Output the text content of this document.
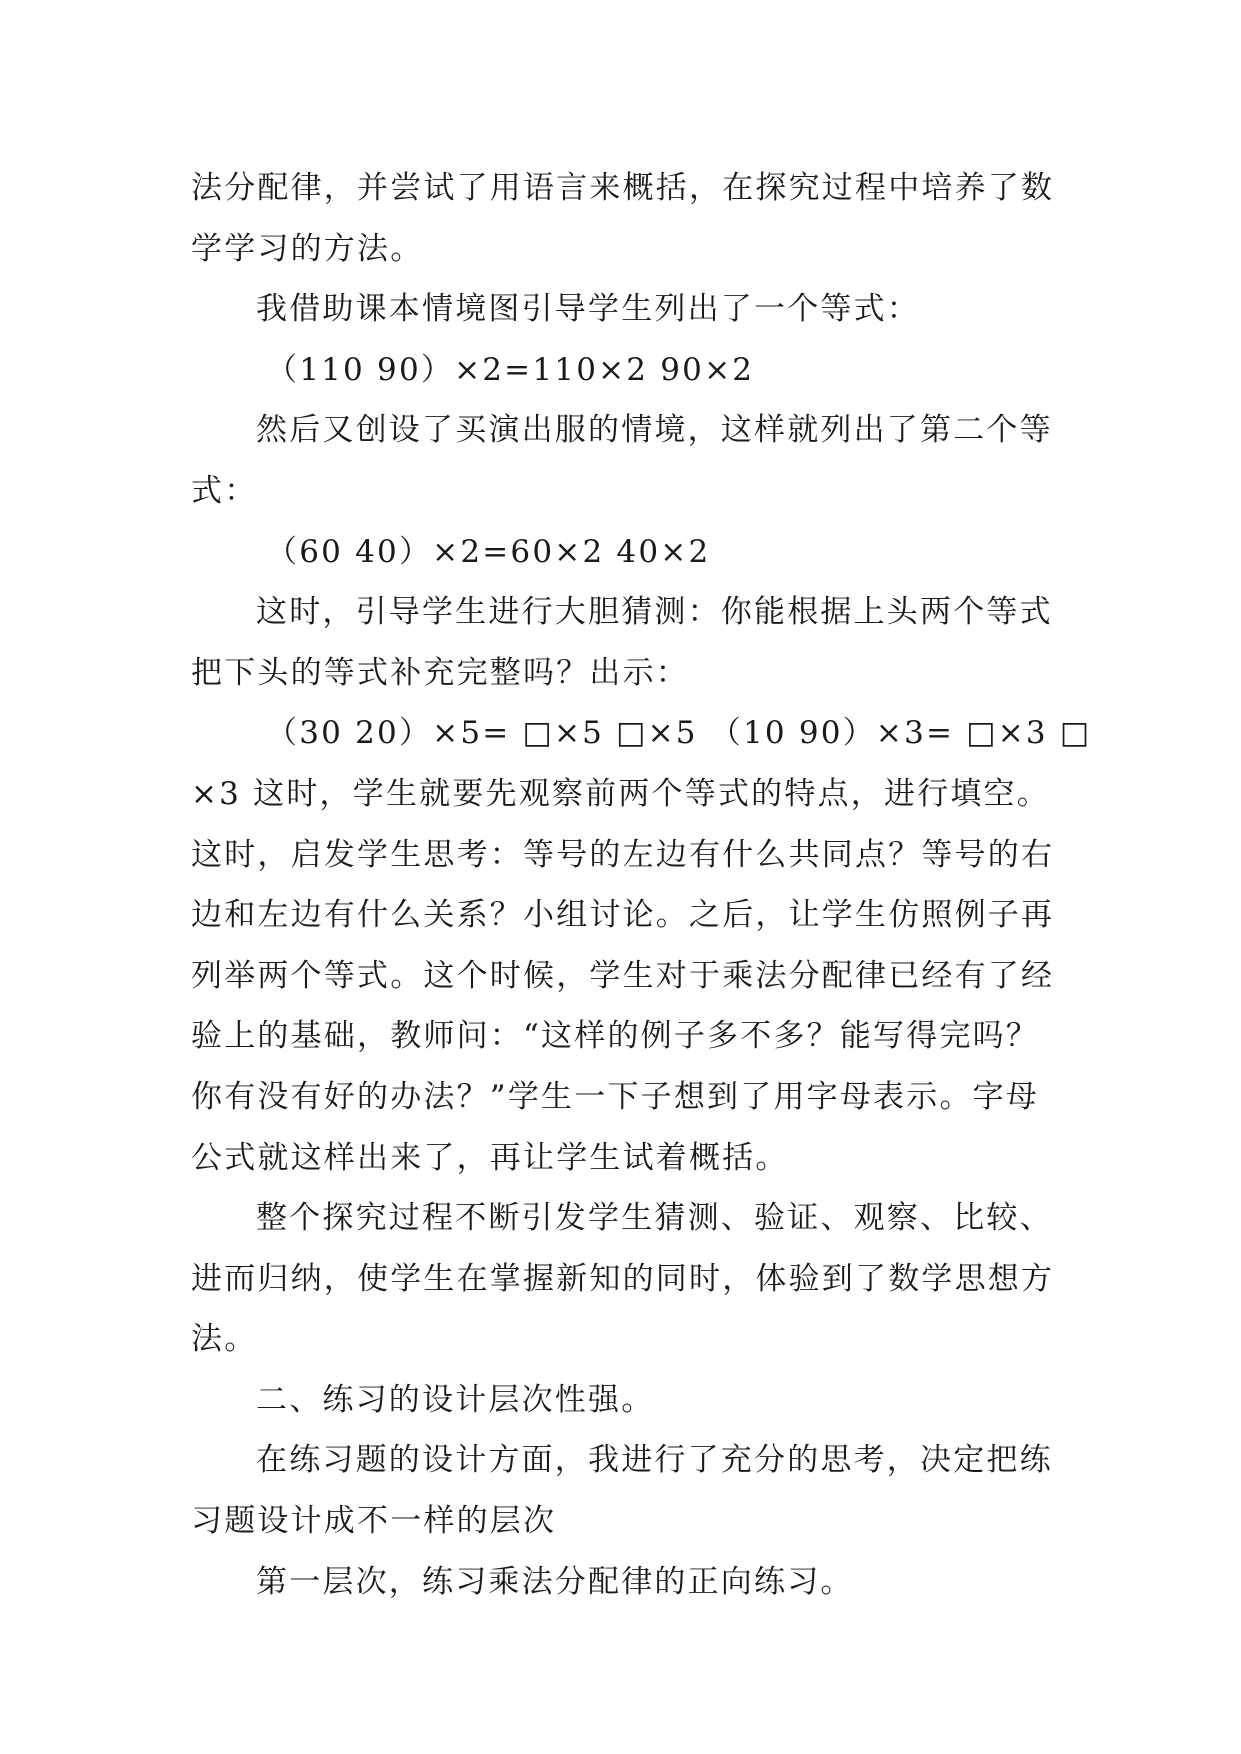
法分配律，并尝试了用语言来概括，在探究过程中培养了数
学学习的方法。
我借助课本情境图引导学生列出了一个等式：
（110 90）×2=110×2 90×2
然后又创设了买演出服的情境，这样就列出了第二个等
式：
（60 40）×2=60×2 40×2
这时，引导学生进行大胆猜测：你能根据上头两个等式
把下头的等式补充完整吗？出示：
（30 20）×5= □×5 □×5 （10 90）×3= □×3 □
×3 这时，学生就要先观察前两个等式的特点，进行填空。
这时，启发学生思考：等号的左边有什么共同点？等号的右
边和左边有什么关系？小组讨论。之后，让学生仿照例子再
列举两个等式。这个时候，学生对于乘法分配律已经有了经
验上的基础，教师问：“这样的例子多不多？能写得完吗？
你有没有好的办法？”学生一下子想到了用字母表示。字母
公式就这样出来了，再让学生试着概括。
整个探究过程不断引发学生猜测、验证、观察、比较、
进而归纳，使学生在掌握新知的同时，体验到了数学思想方
法。
二、练习的设计层次性强。
在练习题的设计方面，我进行了充分的思考，决定把练
习题设计成不一样的层次
第一层次，练习乘法分配律的正向练习。
